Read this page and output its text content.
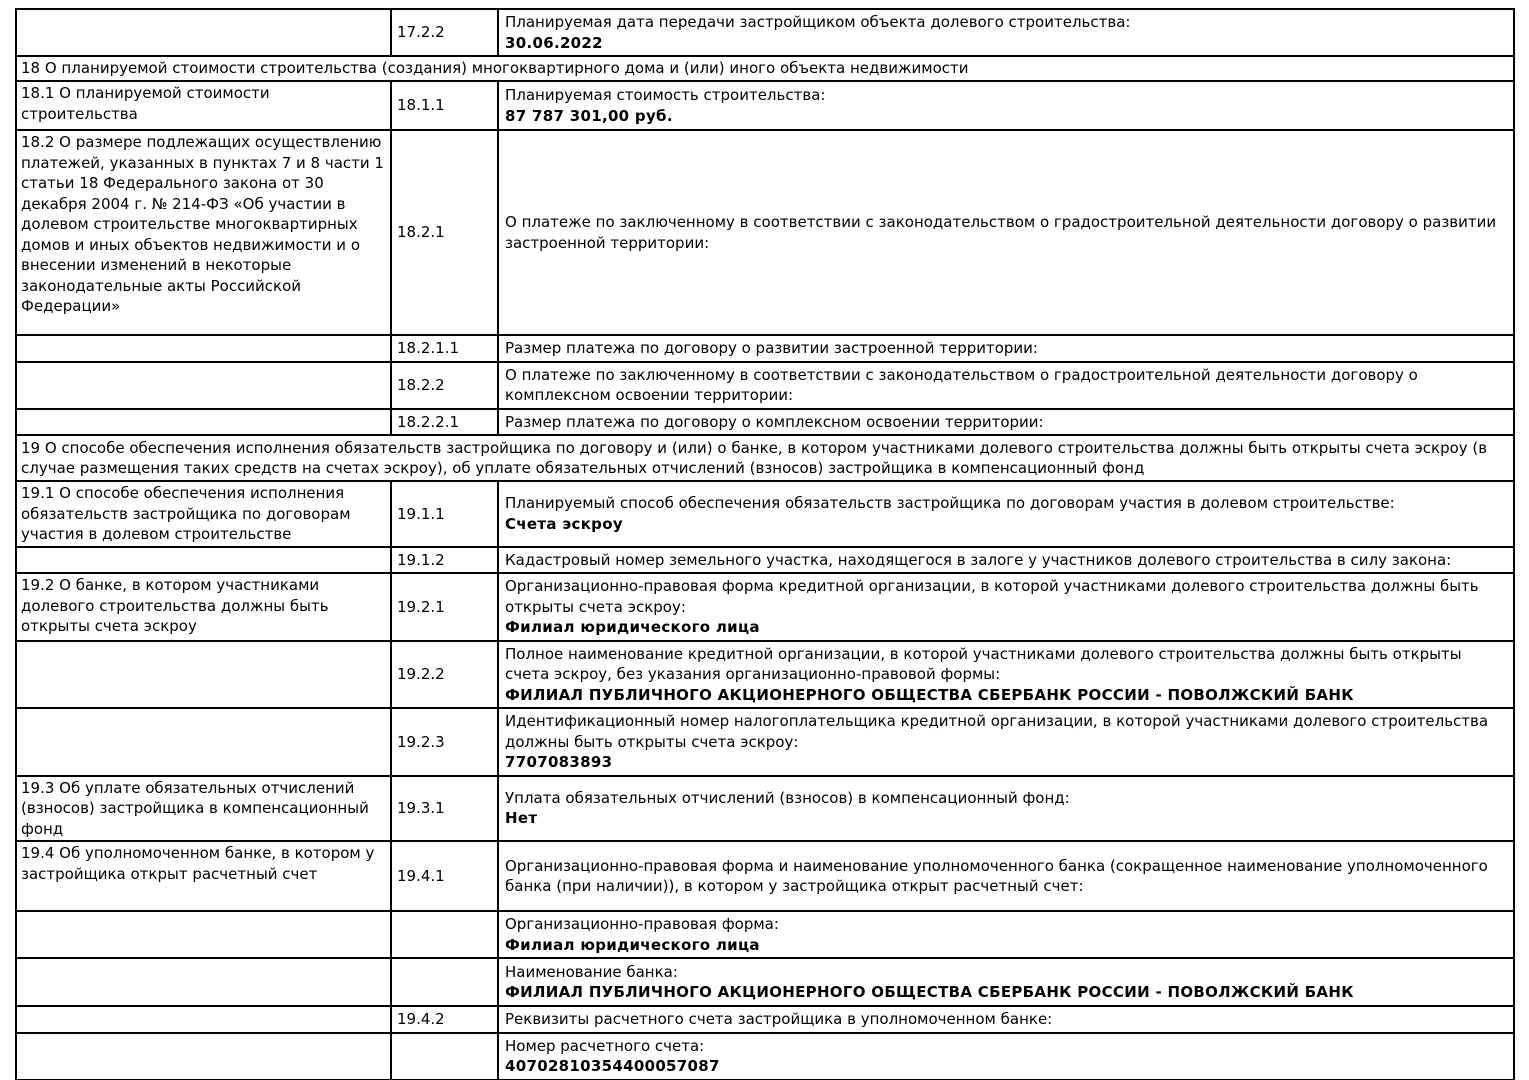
	17.2.2	Планируемая дата передачи застройщиком объекта долевого строительства:
30.06.2022

18 О планируемой стоимости строительства (создания) многоквартирного дома и (или) иного объекта недвижимости		
18.1 О планируемой стоимости строительства	18.1.1	Планируемая стоимость строительства:
87 787 301,00 руб.

18.2 О размере подлежащих осуществлению платежей, указанных в пунктах 7 и 8 части 1 статьи 18 Федерального закона от 30 декабря 2004 г. № 214-ФЗ «Об участии в долевом строительстве многоквартирных домов и иных объектов недвижимости и о внесении изменений в некоторые законодательные акты Российской Федерации»	18.2.1	О платеже по заключенному в соответствии с законодательством о градостроительной деятельности договору о развитии застроенной территории:

	18.2.1.1	Размер платежа по договору о развитии застроенной территории:

	18.2.2	О платеже по заключенному в соответствии с законодательством о градостроительной деятельности договору о комплексном освоении территории:

	18.2.2.1	Размер платежа по договору о комплексном освоении территории:

19 О способе обеспечения исполнения обязательств застройщика по договору и (или) о банке, в котором участниками долевого строительства должны быть открыты счета эскроу (в случае размещения таких средств на счетах эскроу), об уплате обязательных отчислений (взносов) застройщика в компенсационный фонд		
19.1 О способе обеспечения исполнения обязательств застройщика по договорам участия в долевом строительстве	19.1.1	Планируемый способ обеспечения обязательств застройщика по договорам участия в долевом строительстве:
Счета эскроу

	19.1.2	Кадастровый номер земельного участка, находящегося в залоге у участников долевого строительства в силу закона:

19.2 О банке, в котором участниками долевого строительства должны быть открыты счета эскроу	19.2.1	Организационно-правовая форма кредитной организации, в которой участниками долевого строительства должны быть открыты счета эскроу:
Филиал юридического лица

	19.2.2	Полное наименование кредитной организации, в которой участниками долевого строительства должны быть открыты счета эскроу, без указания организационно-правовой формы:
ФИЛИАЛ ПУБЛИЧНОГО АКЦИОНЕРНОГО ОБЩЕСТВА СБЕРБАНК РОССИИ - ПОВОЛЖСКИЙ БАНК

	19.2.3	Идентификационный номер налогоплательщика кредитной организации, в которой участниками долевого строительства должны быть открыты счета эскроу:
7707083893

19.3 Об уплате обязательных отчислений (взносов) застройщика в компенсационный фонд	19.3.1	Уплата обязательных отчислений (взносов) в компенсационный фонд:
Нет

19.4 Об уполномоченном банке, в котором у застройщика открыт расчетный счет	19.4.1	Организационно-правовая форма и наименование уполномоченного банка (сокращенное наименование уполномоченного банка (при наличии)), в котором у застройщика открыт расчетный счет:

		Организационно-правовая форма:
Филиал юридического лица

		Наименование банка:
ФИЛИАЛ ПУБЛИЧНОГО АКЦИОНЕРНОГО ОБЩЕСТВА СБЕРБАНК РОССИИ - ПОВОЛЖСКИЙ БАНК

	19.4.2	Реквизиты расчетного счета застройщика в уполномоченном банке:

		Номер расчетного счета:
40702810354400057087
